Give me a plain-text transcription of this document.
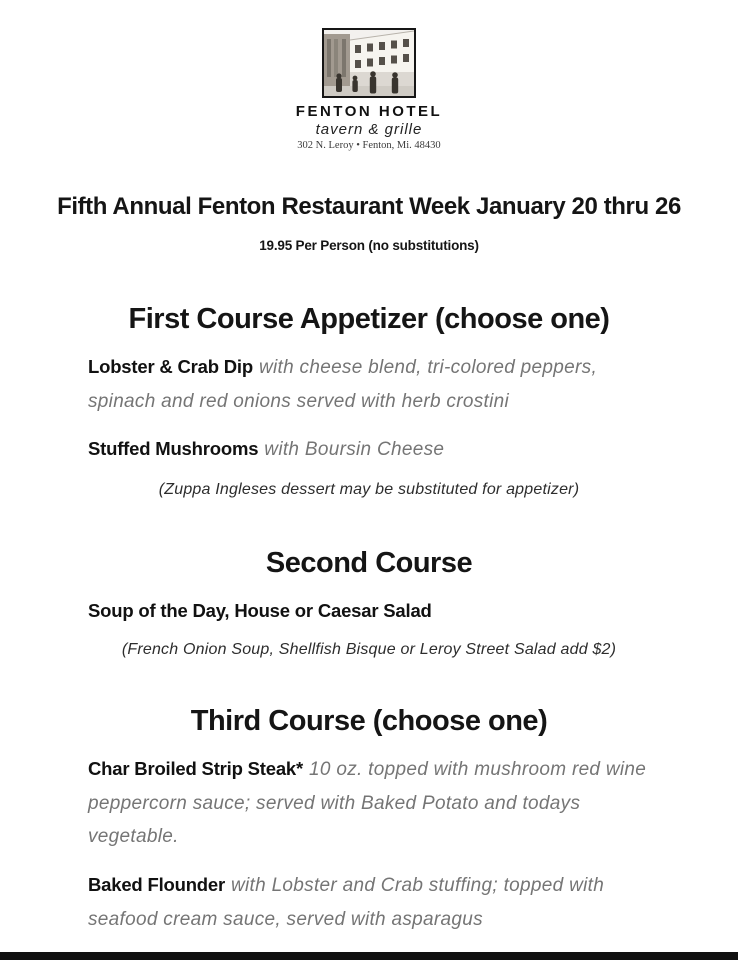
FENTON HOTEL
tavern & grille
302 N. Leroy • Fenton, Mi. 48430
Fifth Annual Fenton Restaurant Week January 20 thru 26
19.95 Per Person (no substitutions)
First Course Appetizer (choose one)

Lobster & Crab Dip with cheese blend, tri-colored peppers, spinach and red onions served with herb crostini

Stuffed Mushrooms with Boursin Cheese

(Zuppa Ingleses dessert may be substituted for appetizer)
Second Course

Soup of the Day, House or Caesar Salad

(French Onion Soup, Shellfish Bisque or Leroy Street Salad add $2)
Third Course (choose one)

Char Broiled Strip Steak* 10 oz. topped with mushroom red wine peppercorn sauce; served with Baked Potato and todays vegetable.

Baked Flounder with Lobster and Crab stuffing; topped with seafood cream sauce, served with asparagus
